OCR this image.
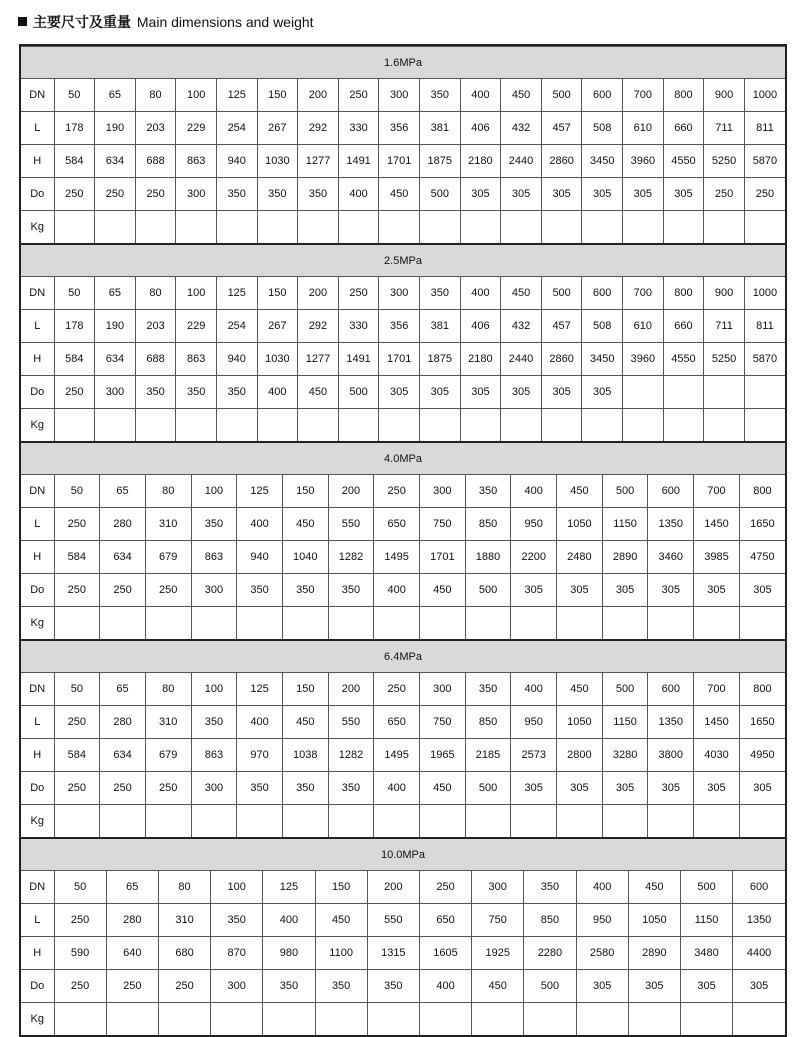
主要尺寸及重量 Main dimensions and weight
1.6MPa																		
DN	50	65	80	100	125	150	200	250	300	350	400	450	500	600	700	800	900	1000
L	178	190	203	229	254	267	292	330	356	381	406	432	457	508	610	660	711	811
H	584	634	688	863	940	1030	1277	1491	1701	1875	2180	2440	2860	3450	3960	4550	5250	5870
Do	250	250	250	300	350	350	350	400	450	500	305	305	305	305	305	305	250	250
Kg																		
2.5MPa																		
DN	50	65	80	100	125	150	200	250	300	350	400	450	500	600	700	800	900	1000
L	178	190	203	229	254	267	292	330	356	381	406	432	457	508	610	660	711	811
H	584	634	688	863	940	1030	1277	1491	1701	1875	2180	2440	2860	3450	3960	4550	5250	5870
Do	250	300	350	350	350	400	450	500	305	305	305	305	305	305				
Kg																		
4.0MPa																
DN	50	65	80	100	125	150	200	250	300	350	400	450	500	600	700	800
L	250	280	310	350	400	450	550	650	750	850	950	1050	1150	1350	1450	1650
H	584	634	679	863	940	1040	1282	1495	1701	1880	2200	2480	2890	3460	3985	4750
Do	250	250	250	300	350	350	350	400	450	500	305	305	305	305	305	305
Kg																
6.4MPa																
DN	50	65	80	100	125	150	200	250	300	350	400	450	500	600	700	800
L	250	280	310	350	400	450	550	650	750	850	950	1050	1150	1350	1450	1650
H	584	634	679	863	970	1038	1282	1495	1965	2185	2573	2800	3280	3800	4030	4950
Do	250	250	250	300	350	350	350	400	450	500	305	305	305	305	305	305
Kg																
10.0MPa														
DN	50	65	80	100	125	150	200	250	300	350	400	450	500	600
L	250	280	310	350	400	450	550	650	750	850	950	1050	1150	1350
H	590	640	680	870	980	1100	1315	1605	1925	2280	2580	2890	3480	4400
Do	250	250	250	300	350	350	350	400	450	500	305	305	305	305
Kg														
